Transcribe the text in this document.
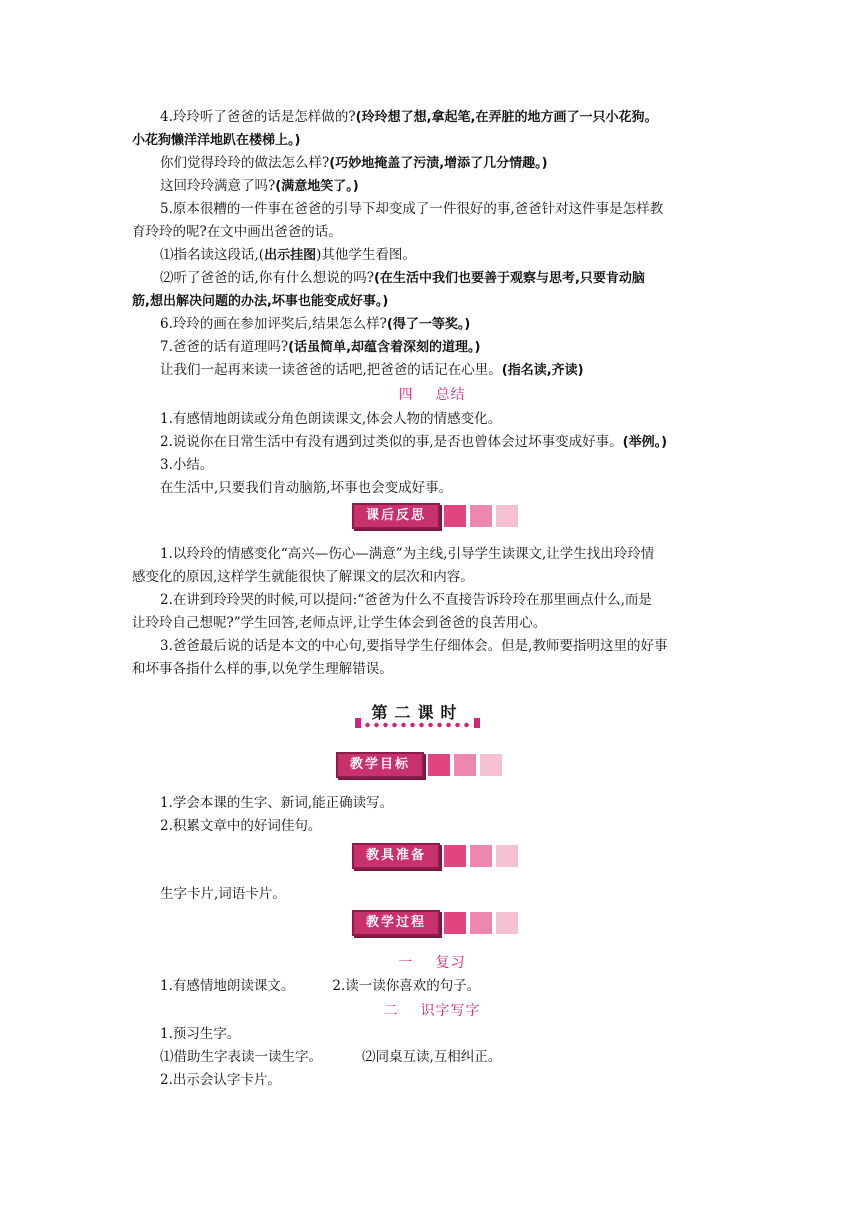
4.玲玲听了爸爸的话是怎样做的?(玲玲想了想,拿起笔,在弄脏的地方画了一只小花狗。
小花狗懒洋洋地趴在楼梯上。)
你们觉得玲玲的做法怎么样?(巧妙地掩盖了污渍,增添了几分情趣。)
这回玲玲满意了吗?(满意地笑了。)
5.原本很糟的一件事在爸爸的引导下却变成了一件很好的事,爸爸针对这件事是怎样教
育玲玲的呢?在文中画出爸爸的话。
⑴指名读这段话,(出示挂图)其他学生看图。
⑵听了爸爸的话,你有什么想说的吗?(在生活中我们也要善于观察与思考,只要肯动脑
筋,想出解决问题的办法,坏事也能变成好事。)
6.玲玲的画在参加评奖后,结果怎么样?(得了一等奖。)
7.爸爸的话有道理吗?(话虽简单,却蕴含着深刻的道理。)
让我们一起再来读一读爸爸的话吧,把爸爸的话记在心里。(指名读,齐读)
四 总结
1.有感情地朗读或分角色朗读课文,体会人物的情感变化。
2.说说你在日常生活中有没有遇到过类似的事,是否也曾体会过坏事变成好事。(举例。)
3.小结。
在生活中,只要我们肯动脑筋,坏事也会变成好事。
课后反思
1.以玲玲的情感变化“高兴—伤心—满意”为主线,引导学生读课文,让学生找出玲玲情
感变化的原因,这样学生就能很快了解课文的层次和内容。
2.在讲到玲玲哭的时候,可以提问:“爸爸为什么不直接告诉玲玲在那里画点什么,而是
让玲玲自己想呢?”学生回答,老师点评,让学生体会到爸爸的良苦用心。
3.爸爸最后说的话是本文的中心句,要指导学生仔细体会。但是,教师要指明这里的好事
和坏事各指什么样的事,以免学生理解错误。
第二课时
教学目标
1.学会本课的生字、新词,能正确读写。
2.积累文章中的好词佳句。
教具准备
生字卡片,词语卡片。
教学过程
一 复习
1.有感情地朗读课文。	2.读一读你喜欢的句子。
二 识字写字
1.预习生字。
⑴借助生字表读一读生字。	⑵同桌互读,互相纠正。
2.出示会认字卡片。
